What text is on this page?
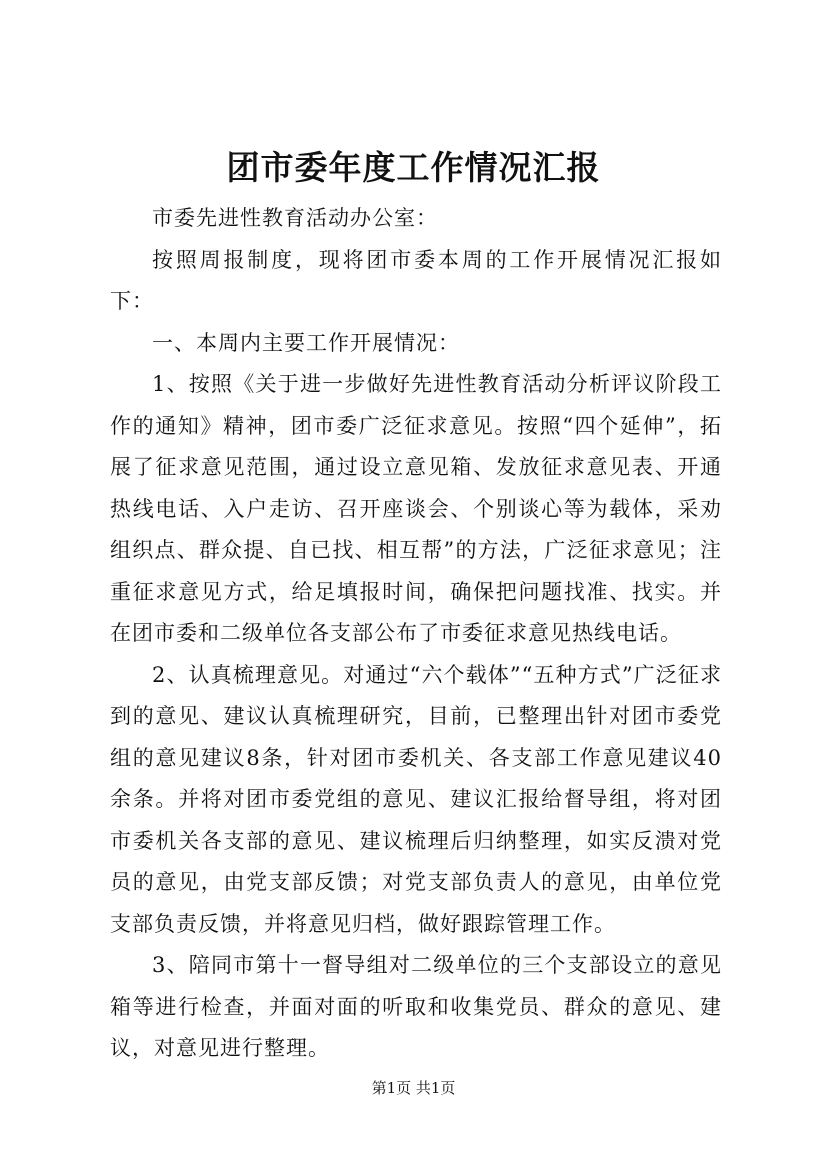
团市委年度工作情况汇报

市委先进性教育活动办公室：

按照周报制度，现将团市委本周的工作开展情况汇报如下：

一、本周内主要工作开展情况：

1、按照《关于进一步做好先进性教育活动分析评议阶段工作的通知》精神，团市委广泛征求意见。按照“四个延伸”，拓展了征求意见范围，通过设立意见箱、发放征求意见表、开通热线电话、入户走访、召开座谈会、个别谈心等为载体，采劝组织点、群众提、自已找、相互帮”的方法，广泛征求意见；注重征求意见方式，给足填报时间，确保把问题找准、找实。并在团市委和二级单位各支部公布了市委征求意见热线电话。

2、认真梳理意见。对通过“六个载体”“五种方式”广泛征求到的意见、建议认真梳理研究，目前，已整理出针对团市委党组的意见建议8条，针对团市委机关、各支部工作意见建议40余条。并将对团市委党组的意见、建议汇报给督导组，将对团市委机关各支部的意见、建议梳理后归纳整理，如实反溃对党员的意见，由党支部反馈；对党支部负责人的意见，由单位党支部负责反馈，并将意见归档，做好跟踪管理工作。

3、陪同市第十一督导组对二级单位的三个支部设立的意见箱等进行检查，并面对面的听取和收集党员、群众的意见、建议，对意见进行整理。

第1页 共1页
